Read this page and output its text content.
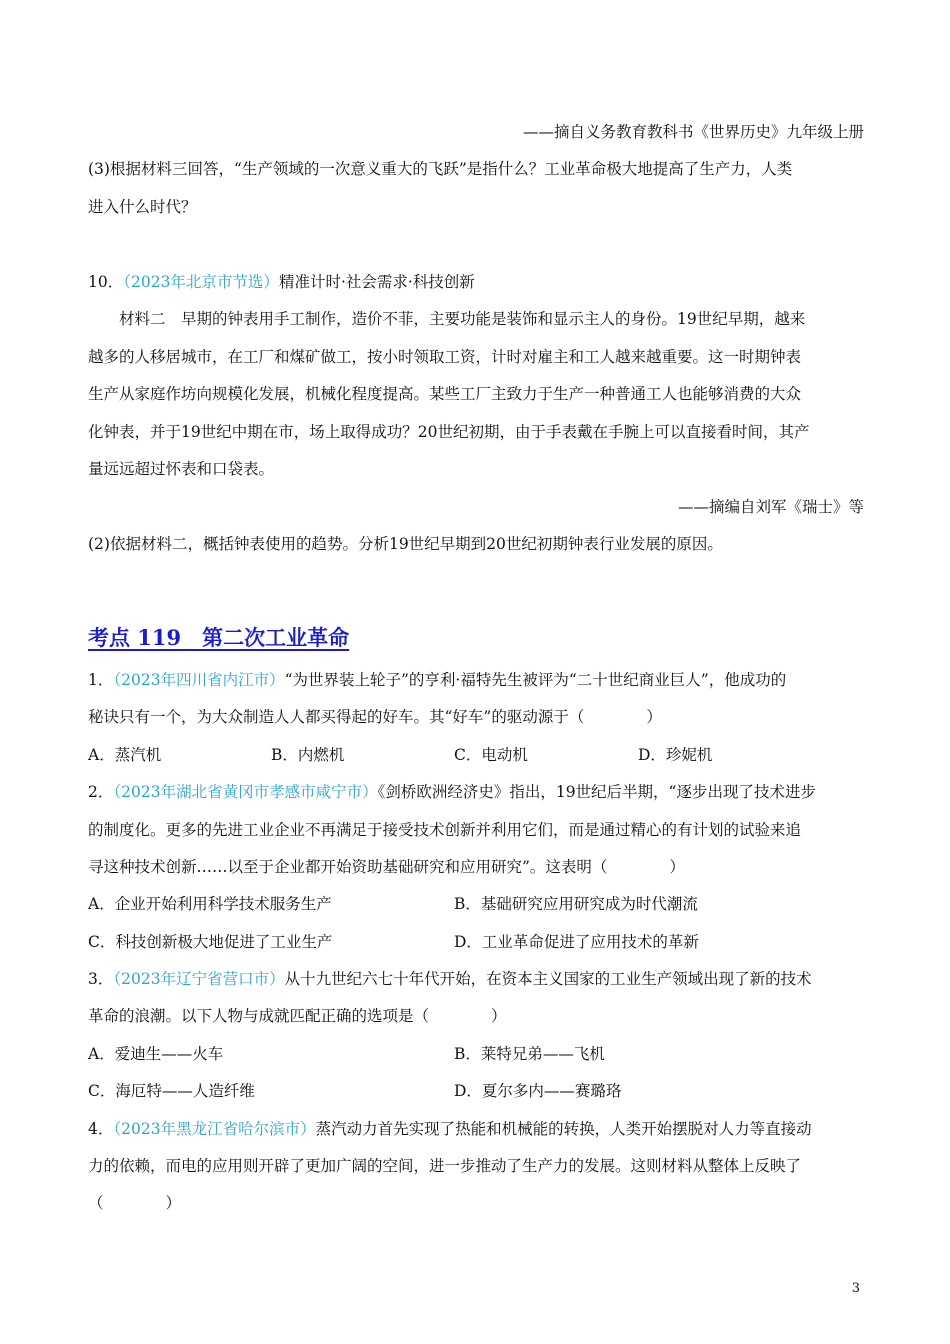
——摘自义务教育教科书《世界历史》九年级上册
(3)根据材料三回答，“生产领域的一次意义重大的飞跃”是指什么？工业革命极大地提高了生产力，人类
进入什么时代？
10．（2023年北京市节选）精准计时·社会需求·科技创新
材料二　早期的钟表用手工制作，造价不菲，主要功能是装饰和显示主人的身份。19世纪早期，越来
越多的人移居城市，在工厂和煤矿做工，按小时领取工资，计时对雇主和工人越来越重要。这一时期钟表
生产从家庭作坊向规模化发展，机械化程度提高。某些工厂主致力于生产一种普通工人也能够消费的大众
化钟表，并于19世纪中期在市，场上取得成功？20世纪初期，由于手表戴在手腕上可以直接看时间，其产
量远远超过怀表和口袋表。
——摘编自刘军《瑞士》等
(2)依据材料二，概括钟表使用的趋势。分析19世纪早期到20世纪初期钟表行业发展的原因。
考点 119　第二次工业革命
1．（2023年四川省内江市）“为世界装上轮子”的亨利·福特先生被评为“二十世纪商业巨人”，他成功的
秘诀只有一个，为大众制造人人都买得起的好车。其“好车”的驱动源于（　　　　）
A．蒸汽机	B．内燃机	C．电动机	D．珍妮机
2．（2023年湖北省黄冈市孝感市咸宁市）《剑桥欧洲经济史》指出，19世纪后半期，“逐步出现了技术进步
的制度化。更多的先进工业企业不再满足于接受技术创新并利用它们，而是通过精心的有计划的试验来追
寻这种技术创新……以至于企业都开始资助基础研究和应用研究”。这表明（　　　　）
A．企业开始利用科学技术服务生产	B．基础研究应用研究成为时代潮流
C．科技创新极大地促进了工业生产	D．工业革命促进了应用技术的革新
3．（2023年辽宁省营口市）从十九世纪六七十年代开始，在资本主义国家的工业生产领域出现了新的技术
革命的浪潮。以下人物与成就匹配正确的选项是（　　　　）
A．爱迪生——火车	B．莱特兄弟——飞机
C．海厄特——人造纤维	D．夏尔多内——赛璐珞
4．（2023年黑龙江省哈尔滨市）蒸汽动力首先实现了热能和机械能的转换，人类开始摆脱对人力等直接动
力的依赖，而电的应用则开辟了更加广阔的空间，进一步推动了生产力的发展。这则材料从整体上反映了
（　　　　）
3
